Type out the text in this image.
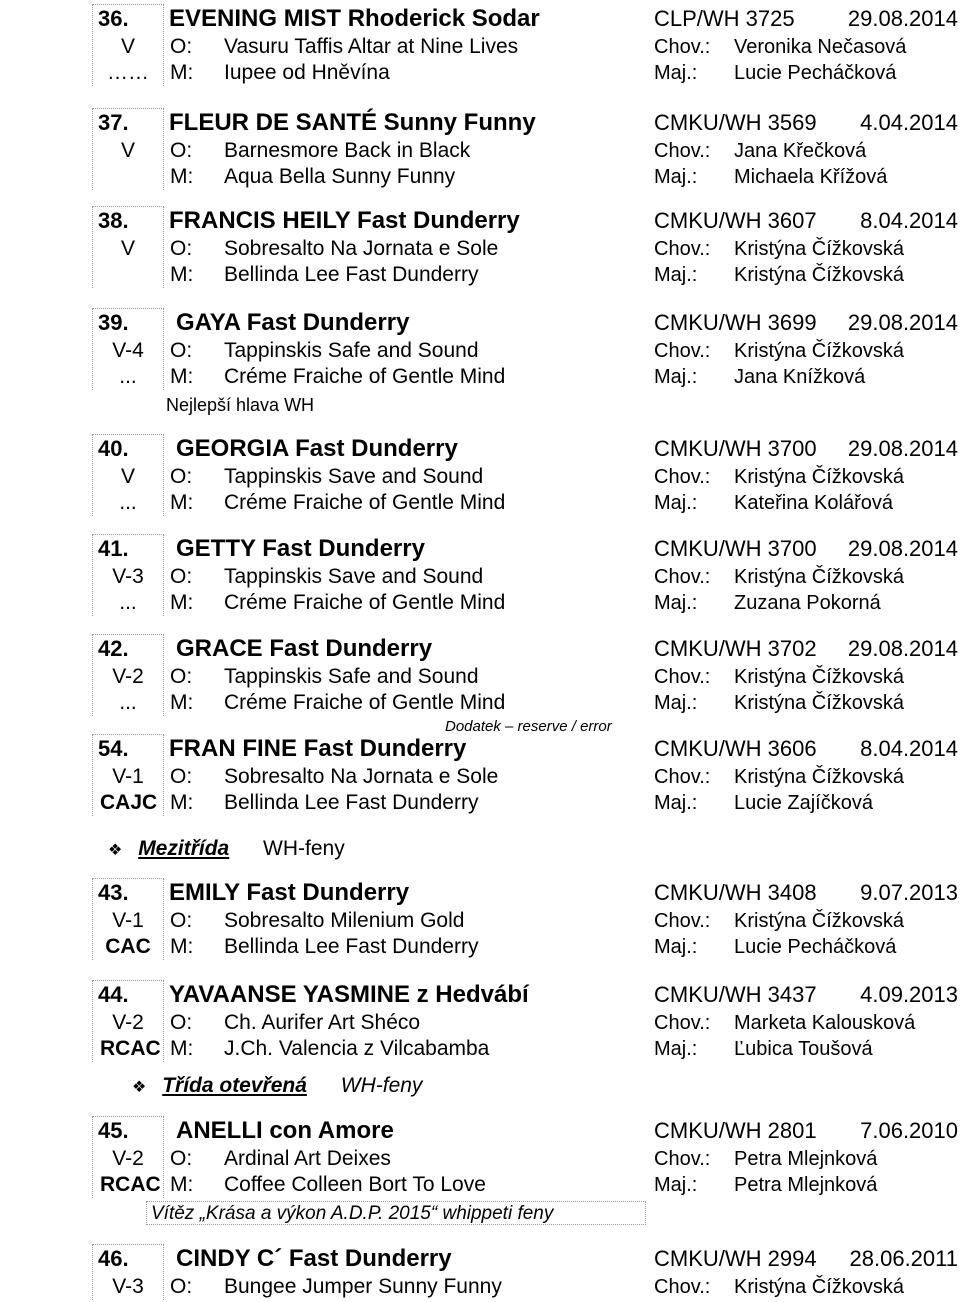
36. EVENING MIST Rhoderick Sodar	CLP/WH 3725 29.08.2014
V	O: Vasuru Taffis Altar at Nine Lives	Chov.: Veronika Nečasová
……	M: Iupee od Hněvína	Maj.: Lucie Pecháčková
37. FLEUR DE SANTÉ Sunny Funny	CMKU/WH 3569 4.04.2014
V	O: Barnesmore Back in Black	Chov.: Jana Křečková
M: Aqua Bella Sunny Funny	Maj.: Michaela Křížová
38. FRANCIS HEILY Fast Dunderry	CMKU/WH 3607 8.04.2014
V	O: Sobresalto Na Jornata e Sole	Chov.: Kristýna Čížkovská
M: Bellinda Lee Fast Dunderry	Maj.: Kristýna Čížkovská
39. GAYA Fast Dunderry	CMKU/WH 3699 29.08.2014
V-4	O: Tappinskis Safe and Sound	Chov.: Kristýna Čížkovská
...	M: Créme Fraiche of Gentle Mind	Maj.: Jana Knížková
Nejlepší hlava WH
40. GEORGIA Fast Dunderry	CMKU/WH 3700 29.08.2014
V	O: Tappinskis Save and Sound	Chov.: Kristýna Čížkovská
...	M: Créme Fraiche of Gentle Mind	Maj.: Kateřina Kolářová
41. GETTY Fast Dunderry	CMKU/WH 3700 29.08.2014
V-3	O: Tappinskis Save and Sound	Chov.: Kristýna Čížkovská
...	M: Créme Fraiche of Gentle Mind	Maj.: Zuzana Pokorná
42. GRACE Fast Dunderry	CMKU/WH 3702 29.08.2014
V-2	O: Tappinskis Safe and Sound	Chov.: Kristýna Čížkovská
...	M: Créme Fraiche of Gentle Mind	Maj.: Kristýna Čížkovská
54. FRAN FINE Fast Dunderry	CMKU/WH 3606 8.04.2014
V-1	O: Sobresalto Na Jornata e Sole	Chov.: Kristýna Čížkovská
CAJC M: Bellinda Lee Fast Dunderry	Maj.: Lucie Zajíčková
43. EMILY Fast Dunderry	CMKU/WH 3408 9.07.2013
V-1	O: Sobresalto Milenium Gold	Chov.: Kristýna Čížkovská
CAC M: Bellinda Lee Fast Dunderry	Maj.: Lucie Pecháčková
44. YAVAANSE YASMINE z Hedvábí	CMKU/WH 3437 4.09.2013
V-2	O: Ch. Aurifer Art Shéco	Chov.: Marketa Kalousková
RCAC M: J.Ch. Valencia z Vilcabamba	Maj.: Ľubica Toušová
45. ANELLI con Amore	CMKU/WH 2801 7.06.2010
V-2	O: Ardinal Art Deixes	Chov.: Petra Mlejnková
RCAC M: Coffee Colleen Bort To Love	Maj.: Petra Mlejnková
46. CINDY C´ Fast Dunderry	CMKU/WH 2994 28.06.2011
V-3	O: Bungee Jumper Sunny Funny	Chov.: Kristýna Čížkovská
❖ Mezitřída WH-feny
❖ Třída otevřená WH-feny
Dodatek – reserve / error
Vítěz „Krása a výkon A.D.P. 2015“ whippeti feny
